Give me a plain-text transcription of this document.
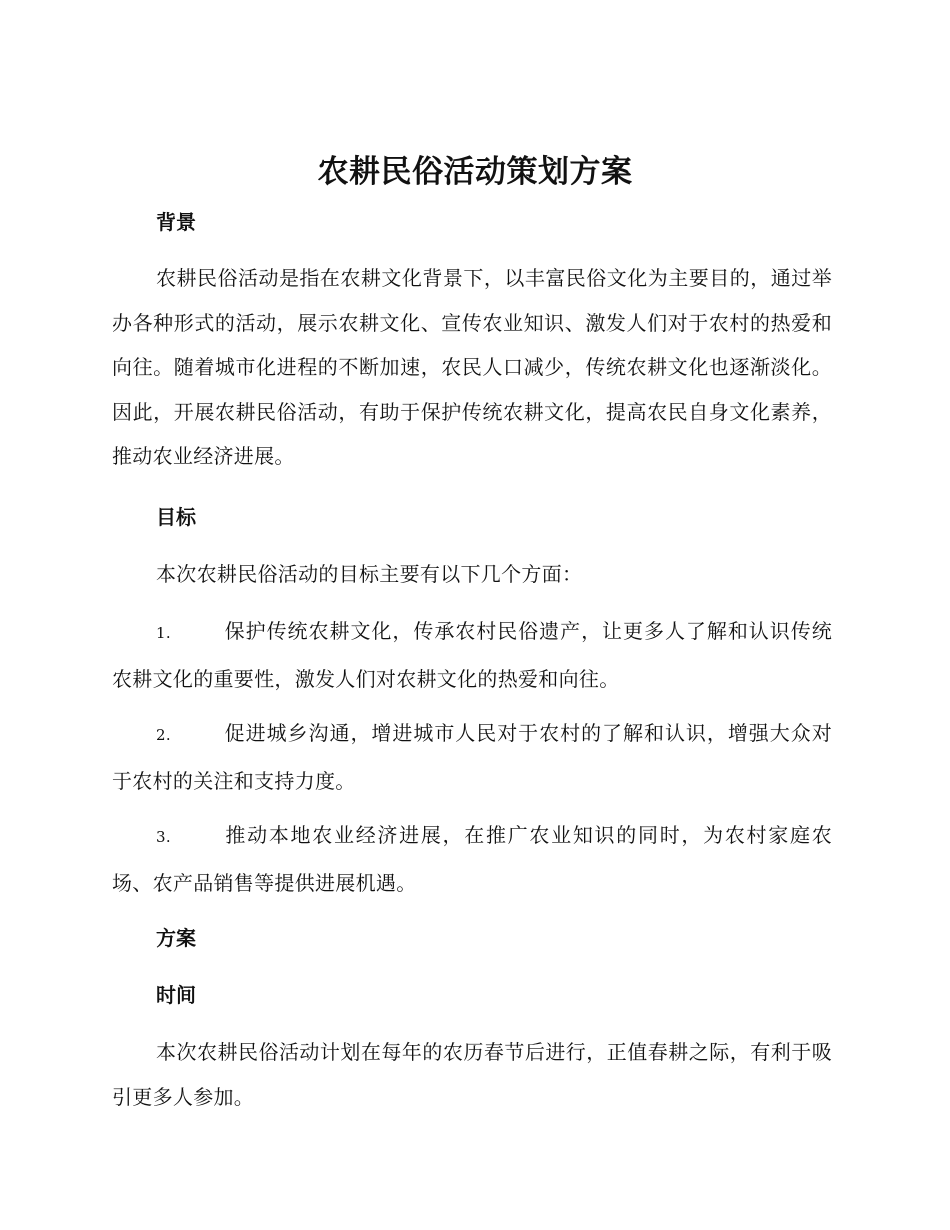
农耕民俗活动策划方案
背景
农耕民俗活动是指在农耕文化背景下，以丰富民俗文化为主要目的，通过举办各种形式的活动，展示农耕文化、宣传农业知识、激发人们对于农村的热爱和向往。随着城市化进程的不断加速，农民人口减少，传统农耕文化也逐渐淡化。因此，开展农耕民俗活动，有助于保护传统农耕文化，提高农民自身文化素养，推动农业经济进展。
目标
本次农耕民俗活动的目标主要有以下几个方面：
1.	保护传统农耕文化，传承农村民俗遗产，让更多人了解和认识传统农耕文化的重要性，激发人们对农耕文化的热爱和向往。
2.	促进城乡沟通，增进城市人民对于农村的了解和认识，增强大众对于农村的关注和支持力度。
3.	推动本地农业经济进展，在推广农业知识的同时，为农村家庭农场、农产品销售等提供进展机遇。
方案
时间
本次农耕民俗活动计划在每年的农历春节后进行，正值春耕之际，有利于吸引更多人参加。
